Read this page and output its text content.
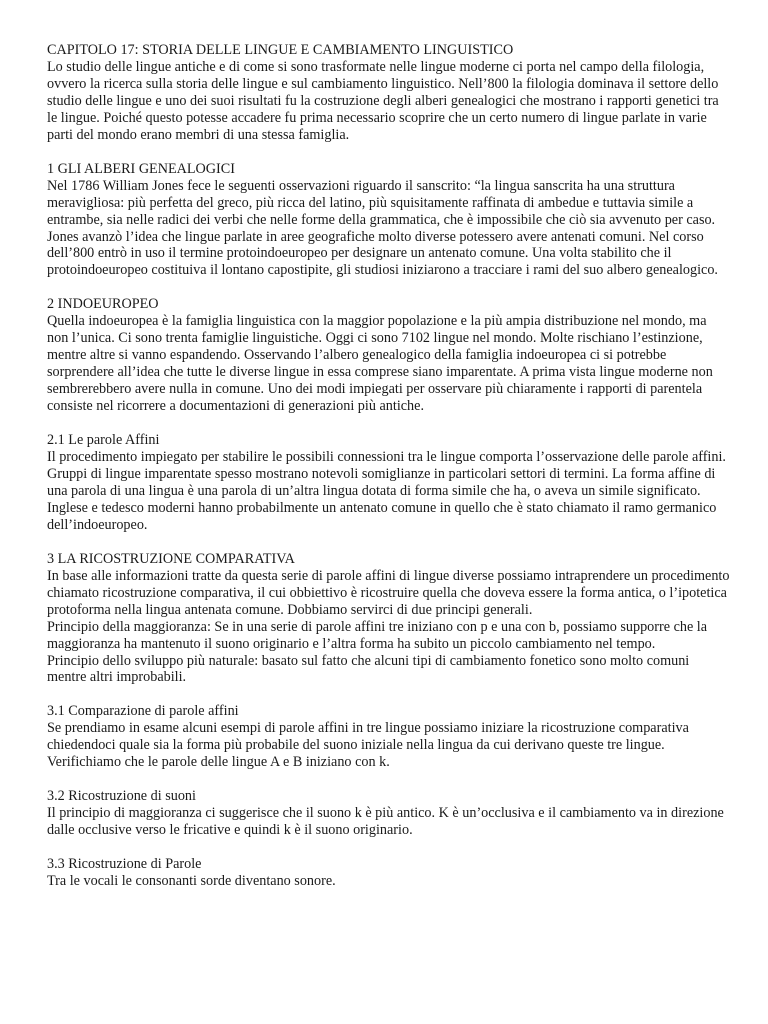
CAPITOLO 17: STORIA DELLE LINGUE E CAMBIAMENTO LINGUISTICO

Lo studio delle lingue antiche e di come si sono trasformate nelle lingue moderne ci porta nel campo della filologia, ovvero la ricerca sulla storia delle lingue e sul cambiamento linguistico. Nell’800 la filologia dominava il settore dello studio delle lingue e uno dei suoi risultati fu la costruzione degli alberi genealogici che mostrano i rapporti genetici tra le lingue. Poiché questo potesse accadere fu prima necessario scoprire che un certo numero di lingue parlate in varie parti del mondo erano membri di una stessa famiglia.

1 GLI ALBERI GENEALOGICI

Nel 1786 William Jones fece le seguenti osservazioni riguardo il sanscrito: “la lingua sanscrita ha una struttura meravigliosa: più perfetta del greco, più ricca del latino, più squisitamente raffinata di ambedue e tuttavia simile a entrambe, sia nelle radici dei verbi che nelle forme della grammatica, che è impossibile che ciò sia avvenuto per caso. Jones avanzò l’idea che lingue parlate in aree geografiche molto diverse potessero avere antenati comuni. Nel corso dell’800 entrò in uso il termine protoindoeuropeo per designare un antenato comune. Una volta stabilito che il protoindoeuropeo costituiva il lontano capostipite, gli studiosi iniziarono a tracciare i rami del suo albero genealogico.

2 INDOEUROPEO

Quella indoeuropea è la famiglia linguistica con la maggior popolazione e la più ampia distribuzione nel mondo, ma non l’unica. Ci sono trenta famiglie linguistiche. Oggi ci sono 7102 lingue nel mondo. Molte rischiano l’estinzione, mentre altre si vanno espandendo. Osservando l’albero genealogico della famiglia indoeuropea ci si potrebbe sorprendere all’idea che tutte le diverse lingue in essa comprese siano imparentate. A prima vista lingue moderne non sembrerebbero avere nulla in comune. Uno dei modi impiegati per osservare più chiaramente i rapporti di parentela consiste nel ricorrere a documentazioni di generazioni più antiche.

2.1 Le parole Affini

Il procedimento impiegato per stabilire le possibili connessioni tra le lingue comporta l’osservazione delle parole affini. Gruppi di lingue imparentate spesso mostrano notevoli somiglianze in particolari settori di termini. La forma affine di una parola di una lingua è una parola di un’altra lingua dotata di forma simile che ha, o aveva un simile significato. Inglese e tedesco moderni hanno probabilmente un antenato comune in quello che è stato chiamato il ramo germanico dell’indoeuropeo.

3 LA RICOSTRUZIONE COMPARATIVA

In base alle informazioni tratte da questa serie di parole affini di lingue diverse possiamo intraprendere un procedimento chiamato ricostruzione comparativa, il cui obbiettivo è ricostruire quella che doveva essere la forma antica, o l’ipotetica protoforma nella lingua antenata comune. Dobbiamo servirci di due principi generali.

Principio della maggioranza: Se in una serie di parole affini tre iniziano con p e una con b, possiamo supporre che la maggioranza ha mantenuto il suono originario e l’altra forma ha subito un piccolo cambiamento nel tempo.

Principio dello sviluppo più naturale: basato sul fatto che alcuni tipi di cambiamento fonetico sono molto comuni mentre altri improbabili.

3.1 Comparazione di parole affini

Se prendiamo in esame alcuni esempi di parole affini in tre lingue possiamo iniziare la ricostruzione comparativa chiedendoci quale sia la forma più probabile del suono iniziale nella lingua da cui derivano queste tre lingue. Verifichiamo che le parole delle lingue A e B iniziano con k.

3.2 Ricostruzione di suoni

Il principio di maggioranza ci suggerisce che il suono k è più antico. K è un’occlusiva e il cambiamento va in direzione dalle occlusive verso le fricative e quindi k è il suono originario.

3.3 Ricostruzione di Parole

Tra le vocali le consonanti sorde diventano sonore.
